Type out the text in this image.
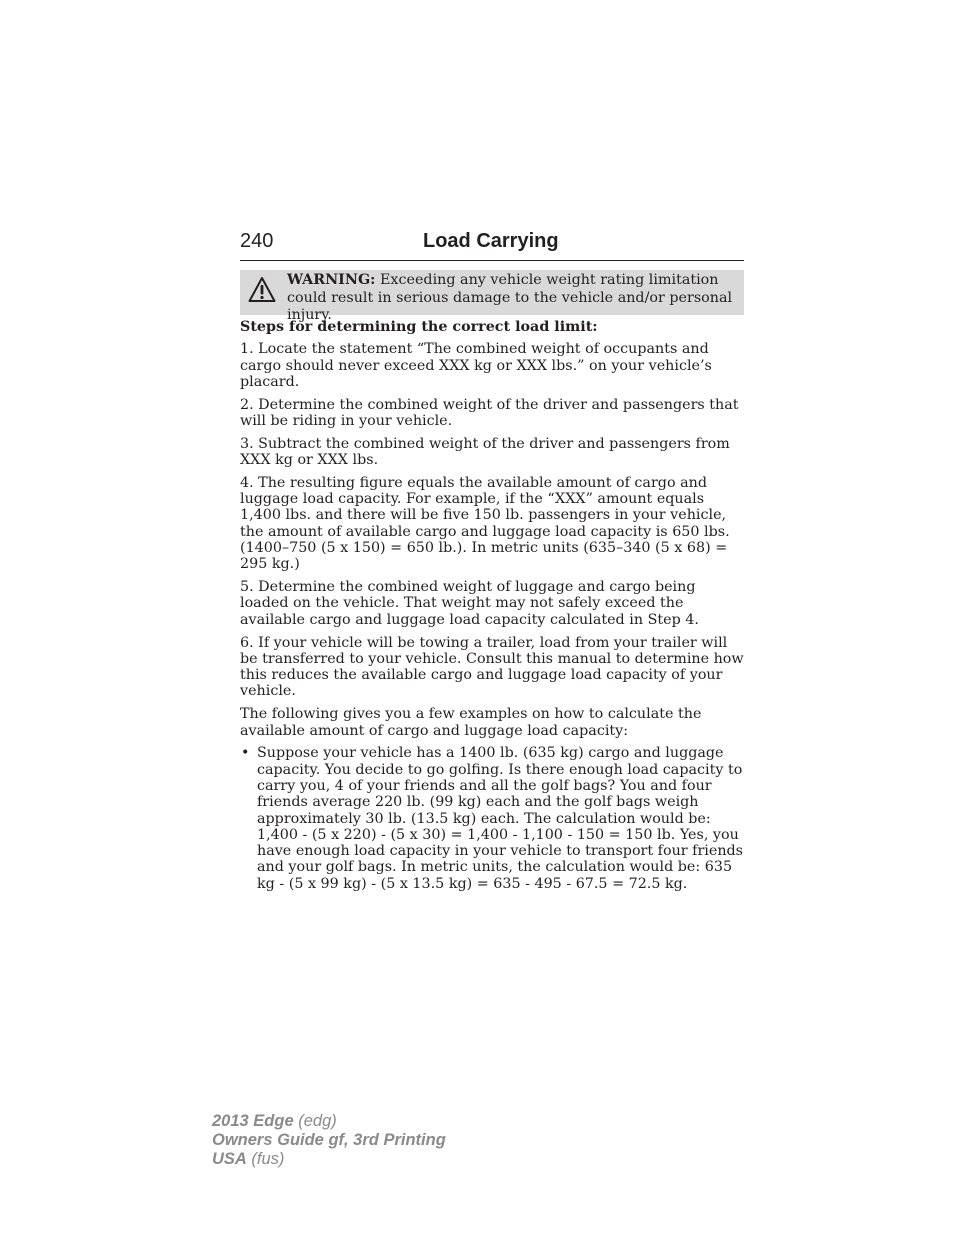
240	Load Carrying
WARNING: Exceeding any vehicle weight rating limitation could result in serious damage to the vehicle and/or personal injury.

Steps for determining the correct load limit:

1. Locate the statement “The combined weight of occupants and cargo should never exceed XXX kg or XXX lbs.” on your vehicle’s placard.

2. Determine the combined weight of the driver and passengers that will be riding in your vehicle.

3. Subtract the combined weight of the driver and passengers from XXX kg or XXX lbs.

4. The resulting figure equals the available amount of cargo and luggage load capacity. For example, if the “XXX” amount equals 1,400 lbs. and there will be five 150 lb. passengers in your vehicle, the amount of available cargo and luggage load capacity is 650 lbs. (1400–750 (5 x 150) = 650 lb.). In metric units (635–340 (5 x 68) = 295 kg.)

5. Determine the combined weight of luggage and cargo being loaded on the vehicle. That weight may not safely exceed the available cargo and luggage load capacity calculated in Step 4.

6. If your vehicle will be towing a trailer, load from your trailer will be transferred to your vehicle. Consult this manual to determine how this reduces the available cargo and luggage load capacity of your vehicle.

The following gives you a few examples on how to calculate the available amount of cargo and luggage load capacity:

• Suppose your vehicle has a 1400 lb. (635 kg) cargo and luggage capacity. You decide to go golfing. Is there enough load capacity to carry you, 4 of your friends and all the golf bags? You and four friends average 220 lb. (99 kg) each and the golf bags weigh approximately 30 lb. (13.5 kg) each. The calculation would be: 1,400 - (5 x 220) - (5 x 30) = 1,400 - 1,100 - 150 = 150 lb. Yes, you have enough load capacity in your vehicle to transport four friends and your golf bags. In metric units, the calculation would be: 635 kg - (5 x 99 kg) - (5 x 13.5 kg) = 635 - 495 - 67.5 = 72.5 kg.
2013 Edge (edg)
Owners Guide gf, 3rd Printing
USA (fus)
